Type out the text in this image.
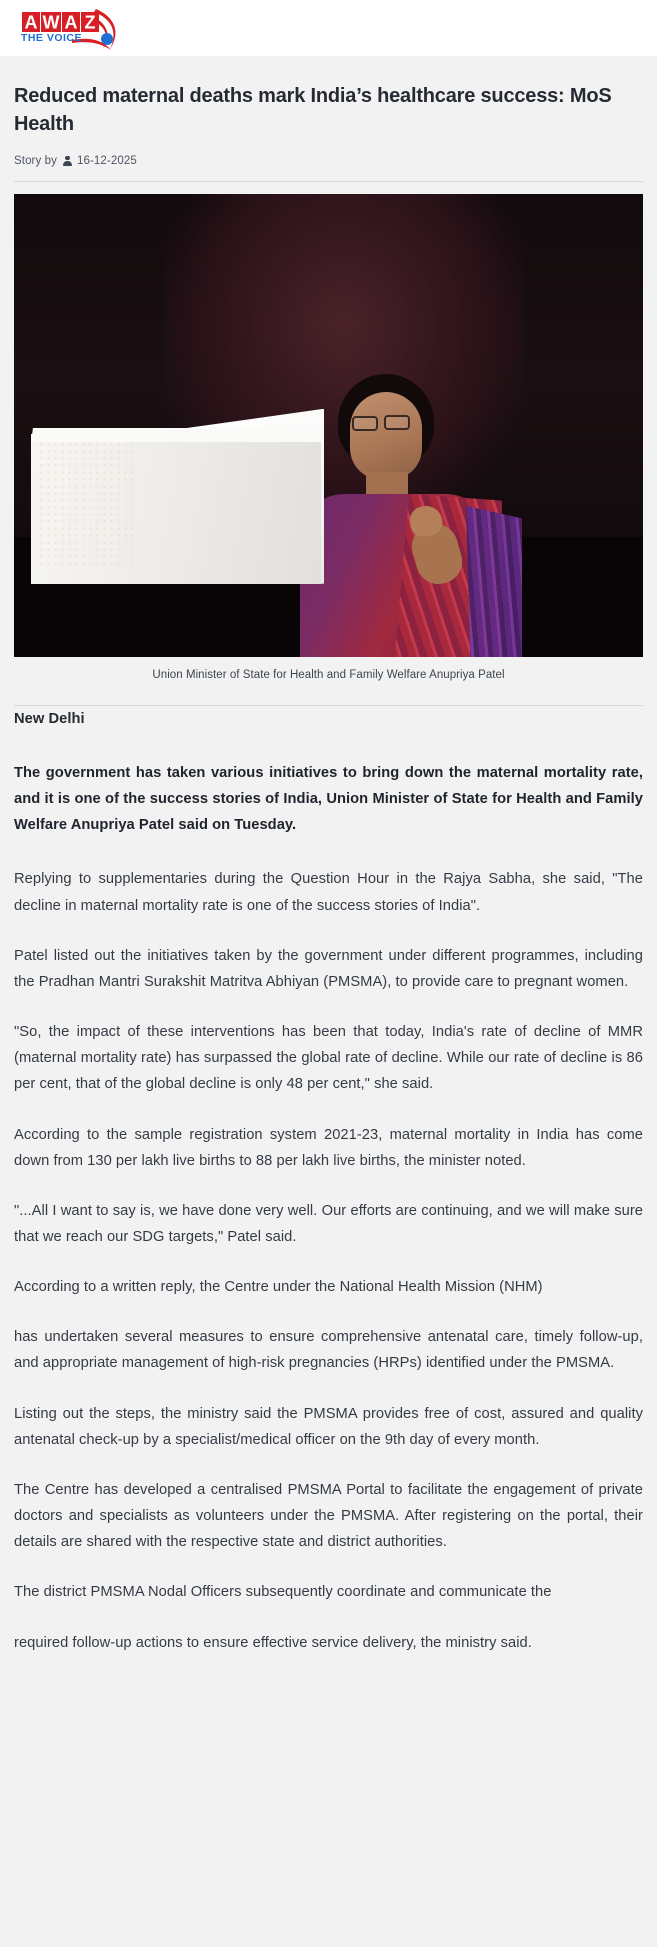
A W A Z
THE VOICE
Reduced maternal deaths mark India’s healthcare success: MoS Health
Story by 16-12-2025
Union Minister of State for Health and Family Welfare Anupriya Patel

New Delhi

The government has taken various initiatives to bring down the maternal mortality rate, and it is one of the success stories of India, Union Minister of State for Health and Family Welfare Anupriya Patel said on Tuesday.

Replying to supplementaries during the Question Hour in the Rajya Sabha, she said, "The decline in maternal mortality rate is one of the success stories of India".

Patel listed out the initiatives taken by the government under different programmes, including the Pradhan Mantri Surakshit Matritva Abhiyan (PMSMA), to provide care to pregnant women.

"So, the impact of these interventions has been that today, India's rate of decline of MMR (maternal mortality rate) has surpassed the global rate of decline. While our rate of decline is 86 per cent, that of the global decline is only 48 per cent," she said.

According to the sample registration system 2021-23, maternal mortality in India has come down from 130 per lakh live births to 88 per lakh live births, the minister noted.

"...All I want to say is, we have done very well. Our efforts are continuing, and we will make sure that we reach our SDG targets," Patel said.

According to a written reply, the Centre under the National Health Mission (NHM)

has undertaken several measures to ensure comprehensive antenatal care, timely follow-up, and appropriate management of high-risk pregnancies (HRPs) identified under the PMSMA.

Listing out the steps, the ministry said the PMSMA provides free of cost, assured and quality antenatal check-up by a specialist/medical officer on the 9th day of every month.

The Centre has developed a centralised PMSMA Portal to facilitate the engagement of private doctors and specialists as volunteers under the PMSMA. After registering on the portal, their details are shared with the respective state and district authorities.

The district PMSMA Nodal Officers subsequently coordinate and communicate the

required follow-up actions to ensure effective service delivery, the ministry said.
